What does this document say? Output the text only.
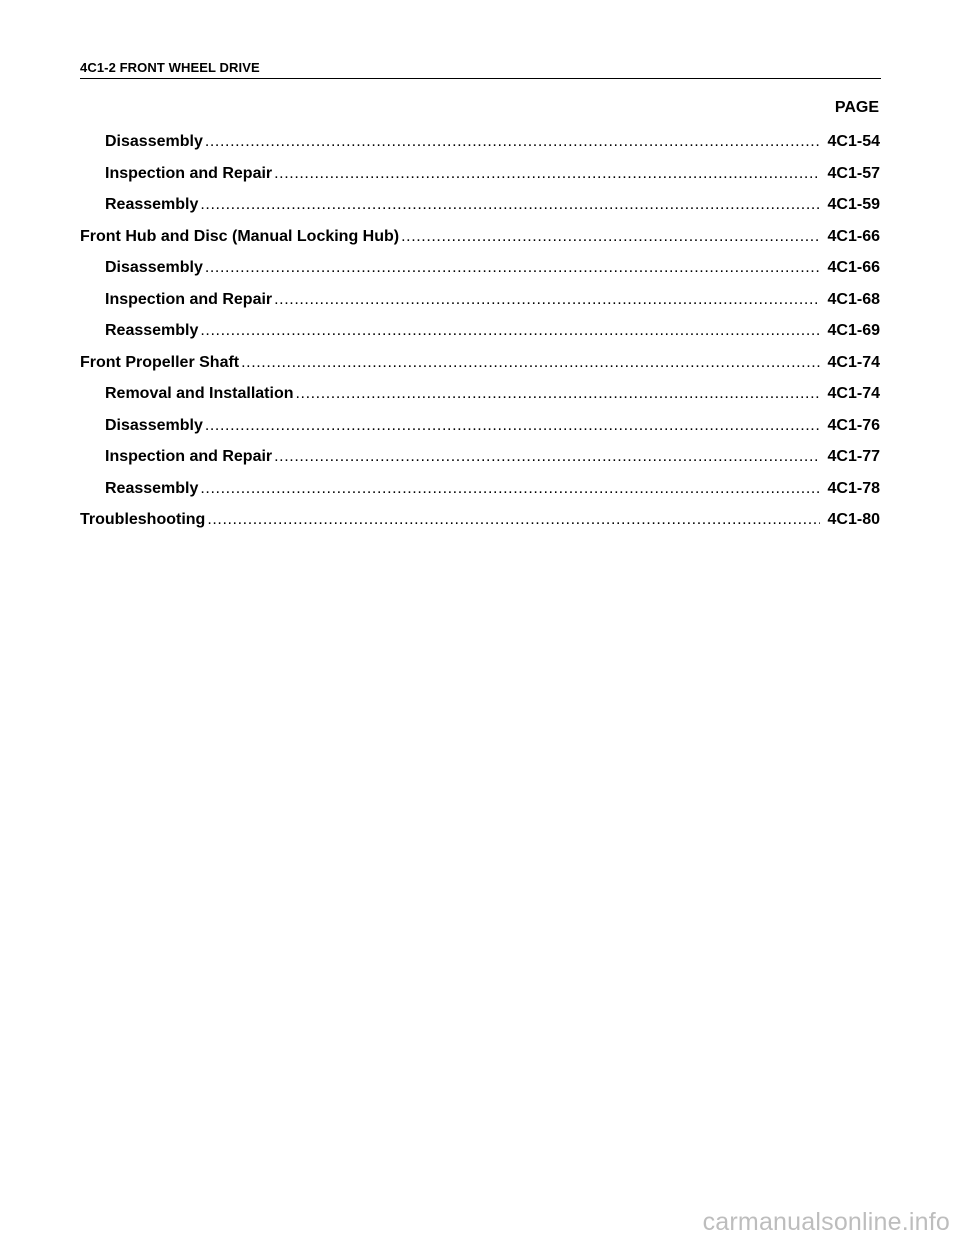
4C1-2 FRONT WHEEL DRIVE
PAGE
Disassembly .....	4C1-54
Inspection and Repair .....	4C1-57
Reassembly .....	4C1-59
Front Hub and Disc (Manual Locking Hub) .....	4C1-66
Disassembly .....	4C1-66
Inspection and Repair .....	4C1-68
Reassembly .....	4C1-69
Front Propeller Shaft .....	4C1-74
Removal and Installation .....	4C1-74
Disassembly .....	4C1-76
Inspection and Repair .....	4C1-77
Reassembly .....	4C1-78
Troubleshooting .....	4C1-80
carmanualsonline.info
